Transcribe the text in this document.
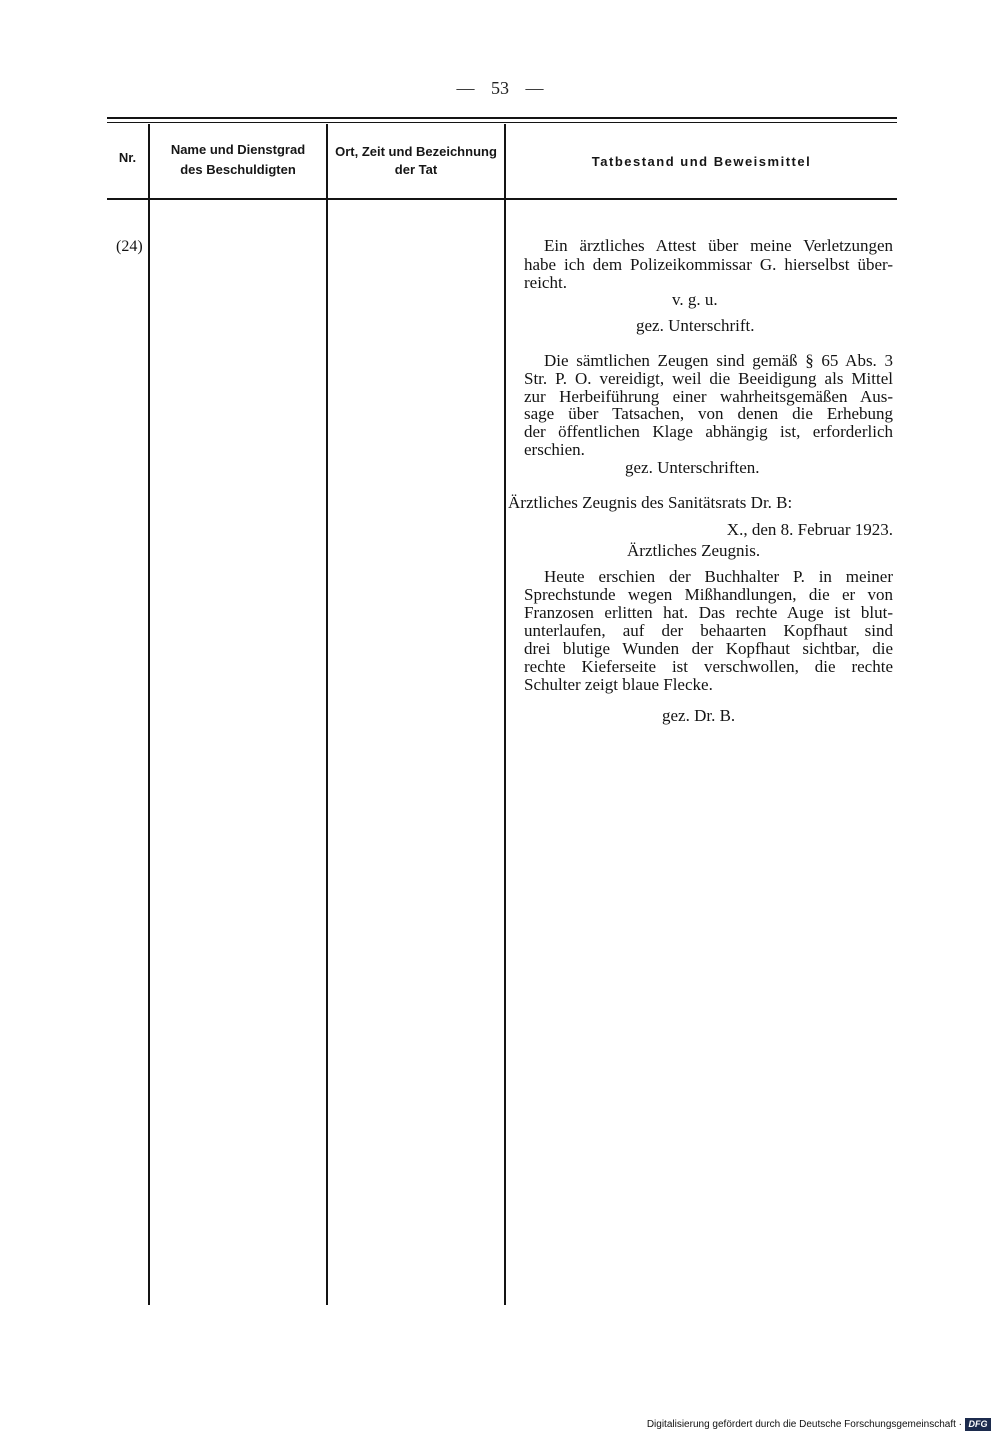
— 53 —
Nr.
Name und Dienstgrad
des Beschuldigten
Ort, Zeit und Bezeichnung
der Tat
Tatbestand und Beweismittel
(24)	Ein ärztliches Attest über meine Verletzungen
habe ich dem Polizeikommissar G. hierselbst über-
reicht.
v. g. u.
gez. Unterschrift.
Die sämtlichen Zeugen sind gemäß § 65 Abs. 3
Str. P. O. vereidigt, weil die Beeidigung als Mittel
zur Herbeiführung einer wahrheitsgemäßen Aus-
sage über Tatsachen, von denen die Erhebung
der öffentlichen Klage abhängig ist, erforderlich
erschien.
gez. Unterschriften.
Ärztliches Zeugnis des Sanitätsrats Dr. B:
X., den 8. Februar 1923.
Ärztliches Zeugnis.
Heute erschien der Buchhalter P. in meiner
Sprechstunde wegen Mißhandlungen, die er von
Franzosen erlitten hat. Das rechte Auge ist blut-
unterlaufen, auf der behaarten Kopfhaut sind
drei blutige Wunden der Kopfhaut sichtbar, die
rechte Kieferseite ist verschwollen, die rechte
Schulter zeigt blaue Flecke.
gez. Dr. B.
Digitalisierung gefördert durch die Deutsche Forschungsgemeinschaft · DFG
